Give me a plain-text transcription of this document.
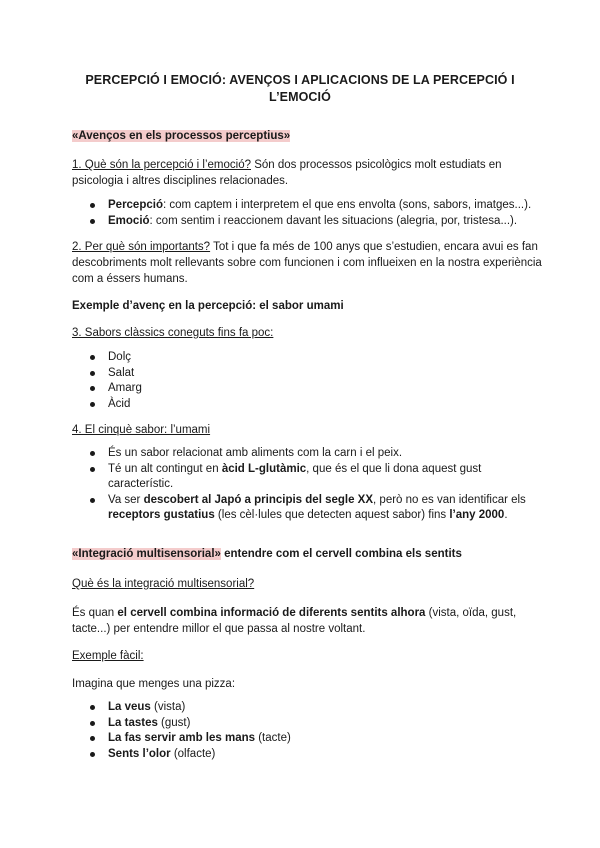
PERCEPCIÓ I EMOCIÓ: AVENÇOS I APLICACIONS DE LA PERCEPCIÓ I
L’EMOCIÓ
«Avenços en els processos perceptius»
1. Què són la percepció i l’emoció? Són dos processos psicològics molt estudiats en
psicologia i altres disciplines relacionades.
Percepció: com captem i interpretem el que ens envolta (sons, sabors, imatges...).
Emoció: com sentim i reaccionem davant les situacions (alegria, por, tristesa...).
2. Per què són importants? Tot i que fa més de 100 anys que s’estudien, encara avui es fan
descobriments molt rellevants sobre com funcionen i com influeixen en la nostra experiència
com a éssers humans.
Exemple d’avenç en la percepció: el sabor umami
3. Sabors clàssics coneguts fins fa poc:
Dolç
Salat
Amarg
Àcid
4. El cinquè sabor: l’umami
És un sabor relacionat amb aliments com la carn i el peix.
Té un alt contingut en àcid L-glutàmic, que és el que li dona aquest gust
característic.
Va ser descobert al Japó a principis del segle XX, però no es van identificar els
receptors gustatius (les cèl·lules que detecten aquest sabor) fins l’any 2000.
«Integració multisensorial» entendre com el cervell combina els sentits
Què és la integració multisensorial?
És quan el cervell combina informació de diferents sentits alhora (vista, oïda, gust,
tacte...) per entendre millor el que passa al nostre voltant.
Exemple fàcil:
Imagina que menges una pizza:
La veus (vista)
La tastes (gust)
La fas servir amb les mans (tacte)
Sents l’olor (olfacte)
